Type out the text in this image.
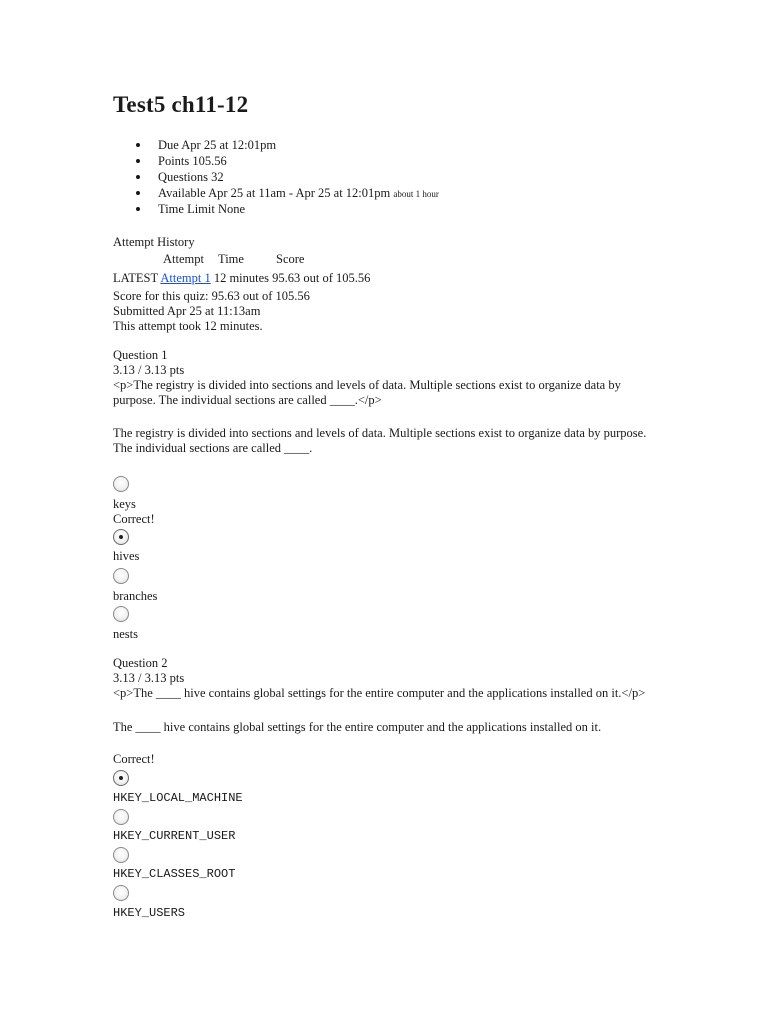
Test5 ch11-12
Due Apr 25 at 12:01pm
Points 105.56
Questions 32
Available Apr 25 at 11am - Apr 25 at 12:01pm about 1 hour
Time Limit None
Attempt History
Attempt Time	Score
LATEST Attempt 1 12 minutes 95.63 out of 105.56
Score for this quiz: 95.63 out of 105.56
Submitted Apr 25 at 11:13am
This attempt took 12 minutes.
Question 1
3.13 / 3.13 pts
<p>The registry is divided into sections and levels of data. Multiple sections exist to organize data by purpose. The individual sections are called ____.</p>
The registry is divided into sections and levels of data. Multiple sections exist to organize data by purpose. The individual sections are called ____.
keys
Correct!
hives
branches
nests
Question 2
3.13 / 3.13 pts
<p>The ____ hive contains global settings for the entire computer and the applications installed on it.</p>
The ____ hive contains global settings for the entire computer and the applications installed on it.
Correct!
HKEY_LOCAL_MACHINE
HKEY_CURRENT_USER
HKEY_CLASSES_ROOT
HKEY_USERS
